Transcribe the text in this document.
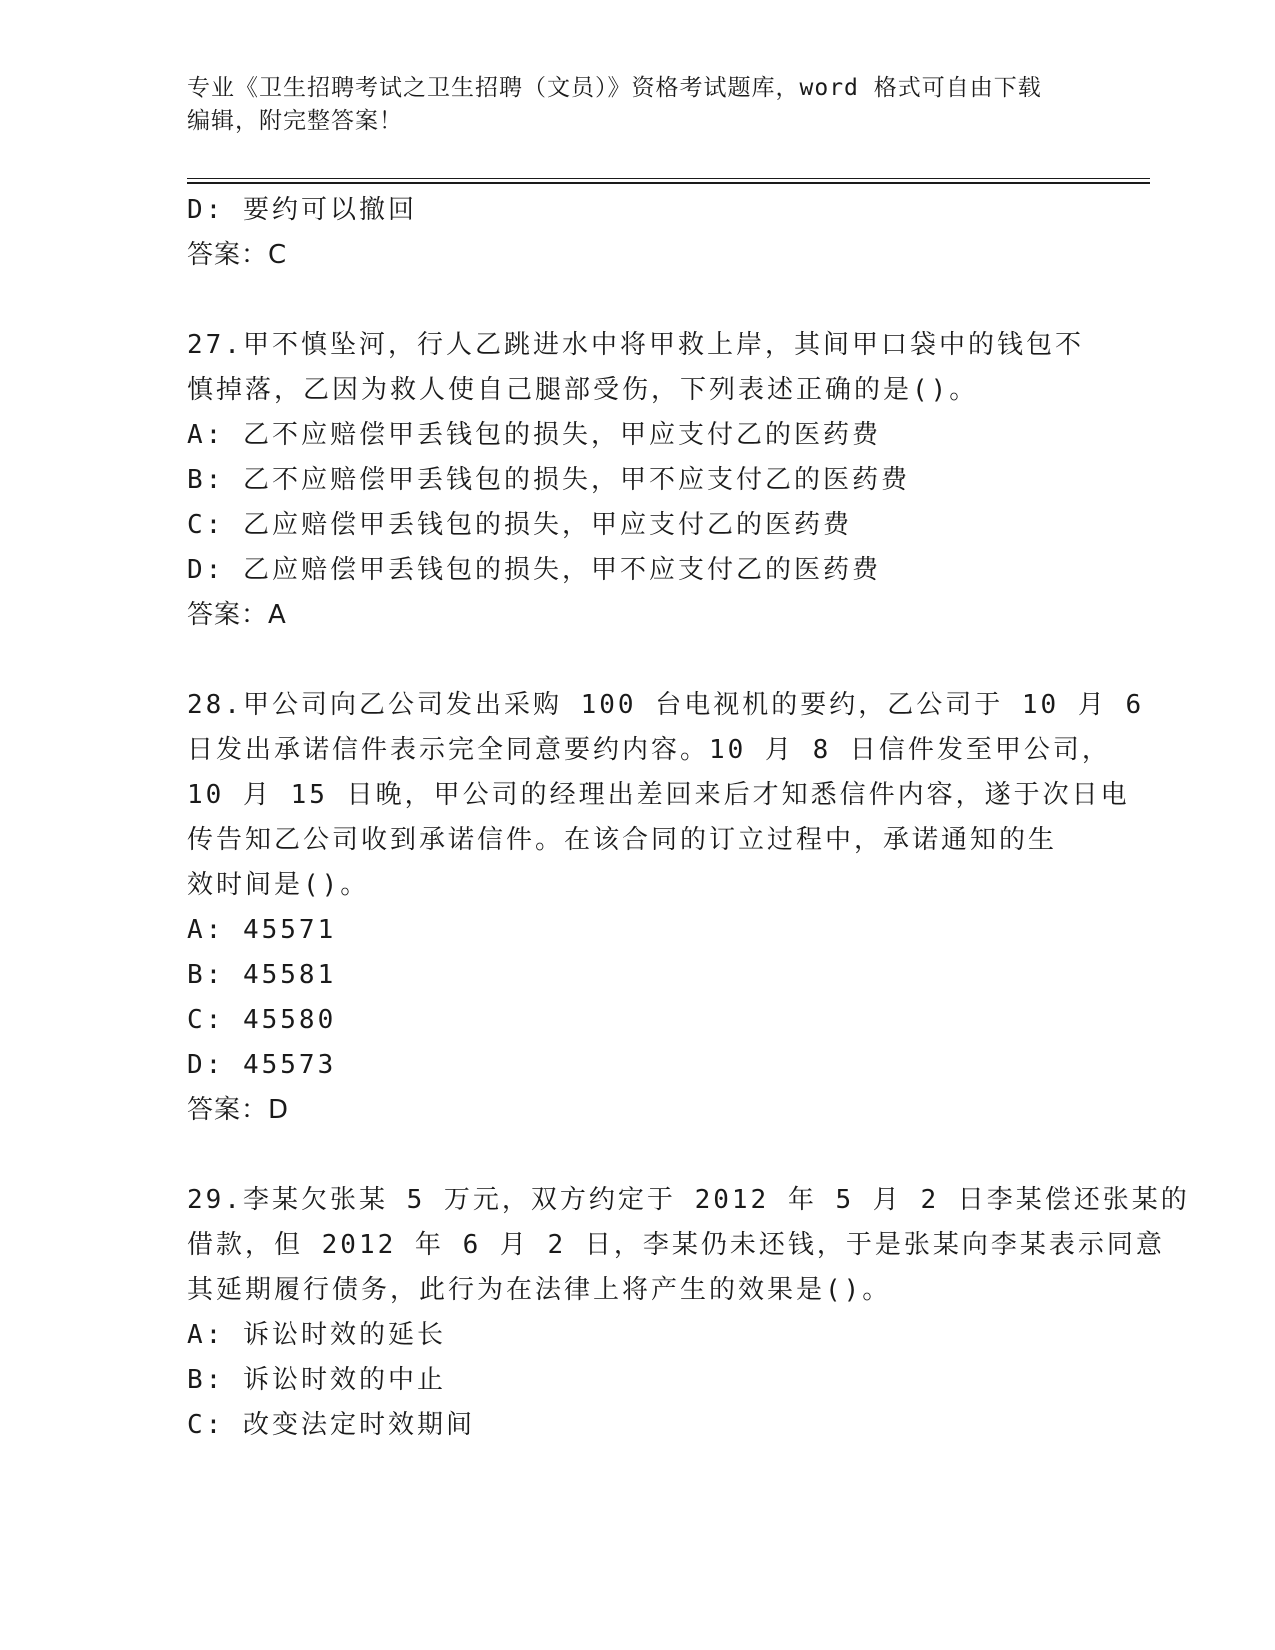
专业《卫生招聘考试之卫生招聘（文员）》资格考试题库，word 格式可自由下载
编辑，附完整答案！
D: 要约可以撤回
答案：C
27.甲不慎坠河，行人乙跳进水中将甲救上岸，其间甲口袋中的钱包不
慎掉落，乙因为救人使自己腿部受伤，下列表述正确的是()。
A: 乙不应赔偿甲丢钱包的损失，甲应支付乙的医药费
B: 乙不应赔偿甲丢钱包的损失，甲不应支付乙的医药费
C: 乙应赔偿甲丢钱包的损失，甲应支付乙的医药费
D: 乙应赔偿甲丢钱包的损失，甲不应支付乙的医药费
答案：A
28.甲公司向乙公司发出采购 100 台电视机的要约，乙公司于 10 月 6
日发出承诺信件表示完全同意要约内容。10 月 8 日信件发至甲公司，
10 月 15 日晚，甲公司的经理出差回来后才知悉信件内容，遂于次日电
传告知乙公司收到承诺信件。在该合同的订立过程中，承诺通知的生
效时间是()。
A: 45571
B: 45581
C: 45580
D: 45573
答案：D
29.李某欠张某 5 万元，双方约定于 2012 年 5 月 2 日李某偿还张某的
借款，但 2012 年 6 月 2 日，李某仍未还钱，于是张某向李某表示同意
其延期履行债务，此行为在法律上将产生的效果是()。
A: 诉讼时效的延长
B: 诉讼时效的中止
C: 改变法定时效期间
